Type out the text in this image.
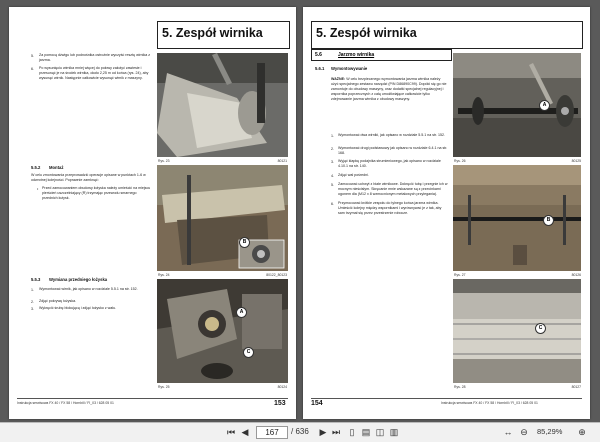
5. Zespół wirnika
5. Za pomocą dźwigu lub podnośnika ostrożnie wyczyść resztę wirnika z jarzma.
6. Po wysunięciu wirnika mniej więcej do połowy założyć zawiesie i przesunąć je na środek wirnika, około 2,25 m od końca (rys. 24), aby wysunąć wirnik. Następnie całkowicie wysunąć wirnik z maszyny.
5.5.2 Montaż
W celu zmontowania przeprowadzić operacje opisane w punktach 1-6 w odwrotnej kolejności. Poprawnie zamknąć:
• Przed zamocowaniem obudowy łożyska należy umieścić na miejscu pierścień uszczelniający (R) trzymając przewodu smarnego przednich łożysk.
5.5.3 Wymiana przedniego łożyska
1. Wymontować wirnik, jak opisano w rozdziale 5.5.1 na str. 152.
2. Zdjąć pokrywę łożyska.
3. Wykręcić śrubę blokującą i zdjąć łożysko z wału.
Rys. 23	80121
Rys. 24	80122_80123
Rys. 25	80124
A
C
B
Instrukcja serwisowa FX 40 / FX 58 / Hornbill / FI_03 / 628 05 01	153
5. Zespół wirnika
5.6	Jarzmo wirnika
5.6.1 Wymontowywanie
WAŻNE: W celu bezpiecznego wymontowania jarzma wirnika należy użyć specjalnego zestawu narzędzi (P/N D86890C99). Dopóki się go nie zamontuje do obudowy maszyny, oraz dodatki specjalnej regulacyjnej i wspornika poprzecznych z całą umożliwiające całkowicie tylko zdejmowanie jarzma wirnika z obudowy maszyny.
1. Wymontować dwa wirniki, jak opisano w rozdziale 5.5.1 na str. 152.
2. Wymontować drugi podstawowy jak opisano w rozdziale 6.4.1 na str. 168.
3. Wyjąć klapkę podajnika strumieniowego, jak opisano w rozdziale 4.10.1 na str. 140.
4. Zdjąć wał pośredni.
5. Zamocować uchwyt z białe wirnikowe. Dokręcić tubę i przegnie ich w mocnym nieścisłym. Skręcanie mnie wskazane są z przecinkami ogonem dla (M12 x 8 wzmocnionym metalowych przylegania).
6. Przymocować krótkie zespołu do tylnego końca jarzma wirnika. Umieścić kolejny między wspornikami i wyrównywać je z tak, aby sam trzymał się przez przestrzenie robocze.
Rys. 26	80125
Rys. 27	80126
Rys. 28	80127
A
B
C
154	Instrukcja serwisowa FX 40 / FX 58 / Hornbill / FI_03 / 628 05 01
⏮ ◀	167	/ 636 ▶ ⏭ ▯ ▤ ◫ ▥	↔ ⊖ 85,29% ⊕
